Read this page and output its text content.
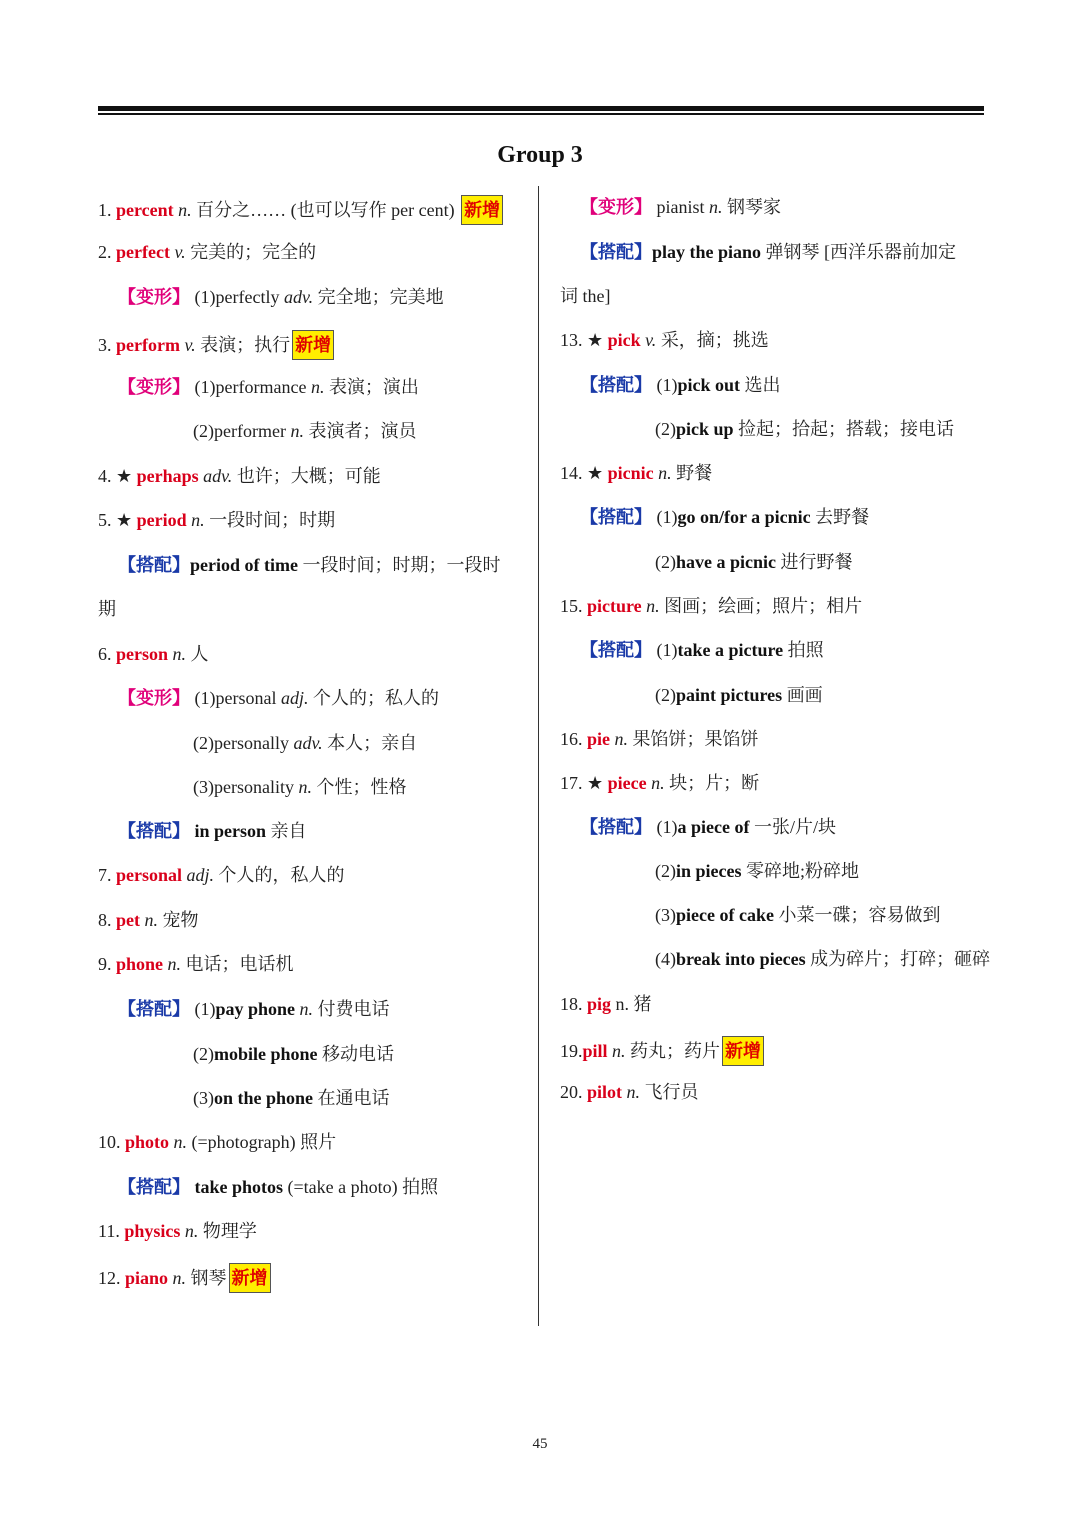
Group 3
1. percent n. 百分之…… (也可以写作 per cent) 新增
2. perfect v. 完美的；完全的
【变形】 (1)perfectly adv. 完全地；完美地
3. perform v. 表演；执行 新增
【变形】 (1)performance n. 表演；演出
(2)performer n. 表演者；演员
4. ★ perhaps adv. 也许；大概；可能
5. ★ period n. 一段时间；时期
【搭配】period of time 一段时间；时期；一段时
期
6. person n. 人
【变形】 (1)personal adj. 个人的；私人的
(2)personally adv. 本人；亲自
(3)personality n. 个性；性格
【搭配】 in person 亲自
7. personal adj. 个人的，私人的
8. pet n. 宠物
9. phone n. 电话；电话机
【搭配】 (1)pay phone n. 付费电话
(2)mobile phone 移动电话
(3)on the phone 在通电话
10. photo n. (=photograph) 照片
【搭配】 take photos (=take a photo) 拍照
11. physics n. 物理学
12. piano n. 钢琴 新增
【变形】 pianist n. 钢琴家
【搭配】play the piano 弹钢琴 [西洋乐器前加定
词 the]
13. ★ pick v. 采，摘；挑选
【搭配】 (1)pick out 选出
(2)pick up 捡起；拾起；搭载；接电话
14. ★ picnic n. 野餐
【搭配】 (1)go on/for a picnic 去野餐
(2)have a picnic 进行野餐
15. picture n. 图画；绘画；照片；相片
【搭配】 (1)take a picture 拍照
(2)paint pictures 画画
16. pie n. 果馅饼；果馅饼
17. ★ piece n. 块；片；断
【搭配】 (1)a piece of 一张/片/块
(2)in pieces 零碎地;粉碎地
(3)piece of cake 小菜一碟；容易做到
(4)break into pieces 成为碎片；打碎；砸碎
18. pig n. 猪
19.pill n. 药丸；药片 新增
20. pilot n. 飞行员
45
